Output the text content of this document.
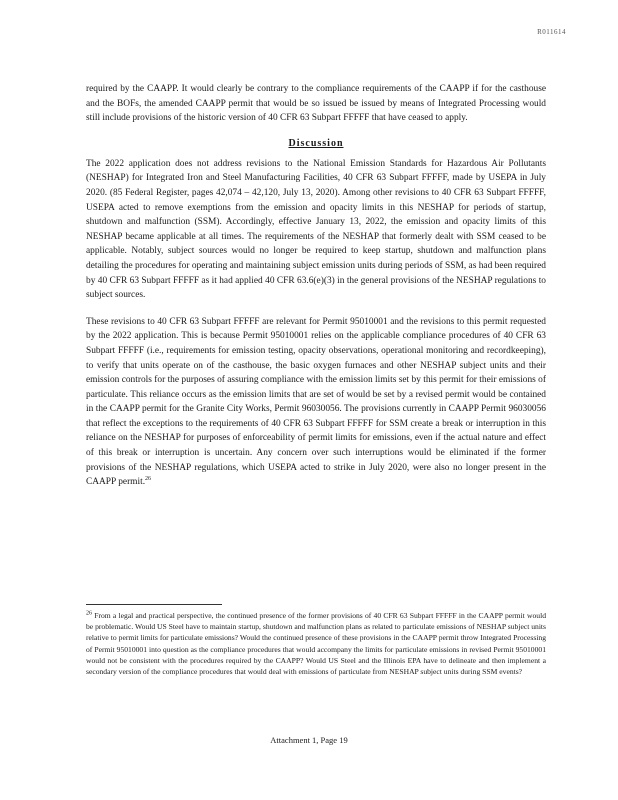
R011614

required by the CAAPP. It would clearly be contrary to the compliance requirements of the CAAPP if for the casthouse and the BOFs, the amended CAAPP permit that would be so issued be issued by means of Integrated Processing would still include provisions of the historic version of 40 CFR 63 Subpart FFFFF that have ceased to apply.

Discussion

The 2022 application does not address revisions to the National Emission Standards for Hazardous Air Pollutants (NESHAP) for Integrated Iron and Steel Manufacturing Facilities, 40 CFR 63 Subpart FFFFF, made by USEPA in July 2020. (85 Federal Register, pages 42,074 – 42,120, July 13, 2020). Among other revisions to 40 CFR 63 Subpart FFFFF, USEPA acted to remove exemptions from the emission and opacity limits in this NESHAP for periods of startup, shutdown and malfunction (SSM). Accordingly, effective January 13, 2022, the emission and opacity limits of this NESHAP became applicable at all times. The requirements of the NESHAP that formerly dealt with SSM ceased to be applicable. Notably, subject sources would no longer be required to keep startup, shutdown and malfunction plans detailing the procedures for operating and maintaining subject emission units during periods of SSM, as had been required by 40 CFR 63 Subpart FFFFF as it had applied 40 CFR 63.6(e)(3) in the general provisions of the NESHAP regulations to subject sources.

These revisions to 40 CFR 63 Subpart FFFFF are relevant for Permit 95010001 and the revisions to this permit requested by the 2022 application. This is because Permit 95010001 relies on the applicable compliance procedures of 40 CFR 63 Subpart FFFFF (i.e., requirements for emission testing, opacity observations, operational monitoring and recordkeeping), to verify that units operate on of the casthouse, the basic oxygen furnaces and other NESHAP subject units and their emission controls for the purposes of assuring compliance with the emission limits set by this permit for their emissions of particulate. This reliance occurs as the emission limits that are set of would be set by a revised permit would be contained in the CAAPP permit for the Granite City Works, Permit 96030056. The provisions currently in CAAPP Permit 96030056 that reflect the exceptions to the requirements of 40 CFR 63 Subpart FFFFF for SSM create a break or interruption in this reliance on the NESHAP for purposes of enforceability of permit limits for emissions, even if the actual nature and effect of this break or interruption is uncertain. Any concern over such interruptions would be eliminated if the former provisions of the NESHAP regulations, which USEPA acted to strike in July 2020, were also no longer present in the CAAPP permit.$^{26}$

$^{26}$ From a legal and practical perspective, the continued presence of the former provisions of 40 CFR 63 Subpart FFFFF in the CAAPP permit would be problematic. Would US Steel have to maintain startup, shutdown and malfunction plans as related to particulate emissions of NESHAP subject units relative to permit limits for particulate emissions? Would the continued presence of these provisions in the CAAPP permit throw Integrated Processing of Permit 95010001 into question as the compliance procedures that would accompany the limits for particulate emissions in revised Permit 95010001 would not be consistent with the procedures required by the CAAPP? Would US Steel and the Illinois EPA have to delineate and then implement a secondary version of the compliance procedures that would deal with emissions of particulate from NESHAP subject units during SSM events?
Attachment 1, Page 19
